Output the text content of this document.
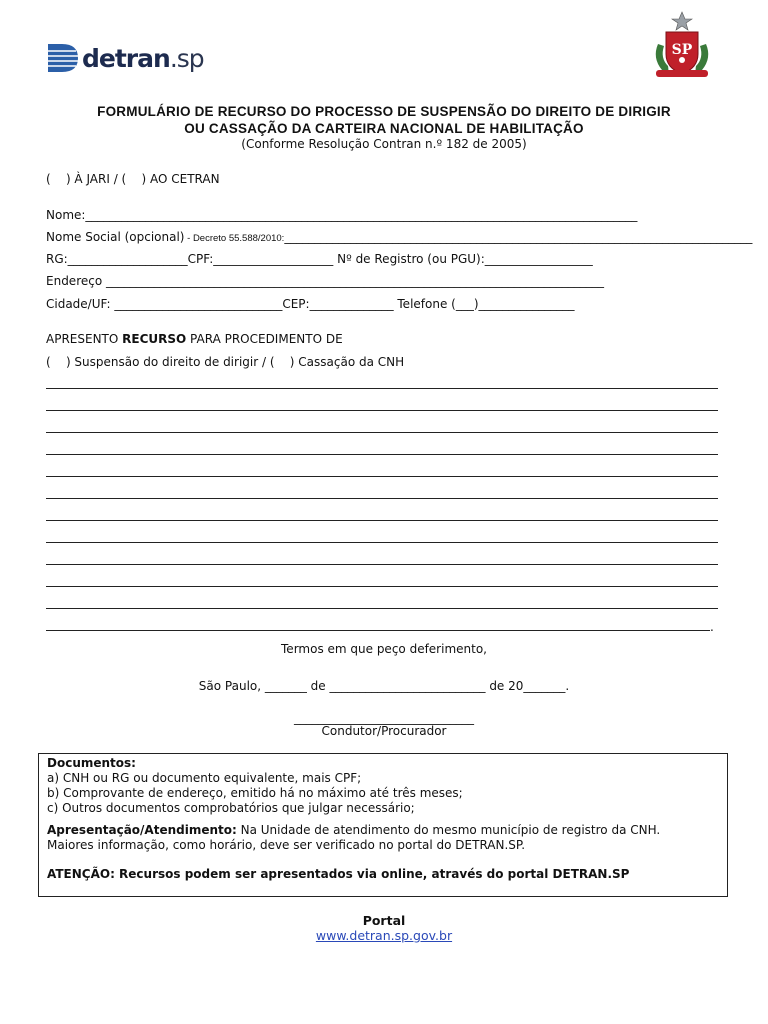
detran.sp	SP
FORMULÁRIO DE RECURSO DO PROCESSO DE SUSPENSÃO DO DIREITO DE DIRIGIR
OU CASSAÇÃO DA CARTEIRA NACIONAL DE HABILITAÇÃO
(Conforme Resolução Contran n.º 182 de 2005)
(    ) À JARI / (    ) AO CETRAN
Nome:____________________________________________________________________________________________
Nome Social (opcional) - Decreto 55.588/2010:______________________________________________________________________________
RG:____________________CPF:____________________ Nº de Registro (ou PGU):__________________
Endereço ___________________________________________________________________________________
Cidade/UF: ____________________________CEP:______________ Telefone (___)________________
APRESENTO RECURSO PARA PROCEDIMENTO DE
(    ) Suspensão do direito de dirigir / (    ) Cassação da CNH
.
Termos em que peço deferimento,
São Paulo, _______ de __________________________ de 20_______.
______________________________
Condutor/Procurador
Documentos:
a) CNH ou RG ou documento equivalente, mais CPF;
b) Comprovante de endereço, emitido há no máximo até três meses;
c) Outros documentos comprobatórios que julgar necessário;
Apresentação/Atendimento: Na Unidade de atendimento do mesmo município de registro da CNH.
Maiores informação, como horário, deve ser verificado no portal do DETRAN.SP.
ATENÇÃO: Recursos podem ser apresentados via online, através do portal DETRAN.SP
Portal
www.detran.sp.gov.br
